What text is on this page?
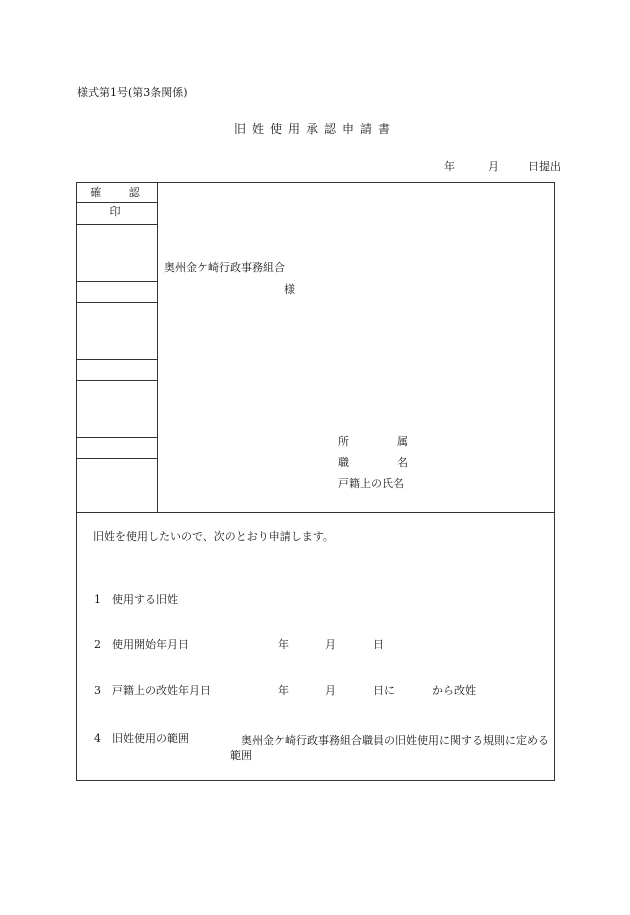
様式第1号(第3条関係)
旧姓使用承認申請書
年	月	日提出
確 認 印
奥州金ケ崎行政事務組合
様
所属
職名
戸籍上の氏名
旧姓を使用したいので、次のとおり申請します。
1 使用する旧姓
2 使用開始年月日	年	月	日
3 戸籍上の改姓年月日	年	月	日に	から改姓
4 旧姓使用の範囲	奥州金ケ崎行政事務組合職員の旧姓使用に関する規則に定める範囲
